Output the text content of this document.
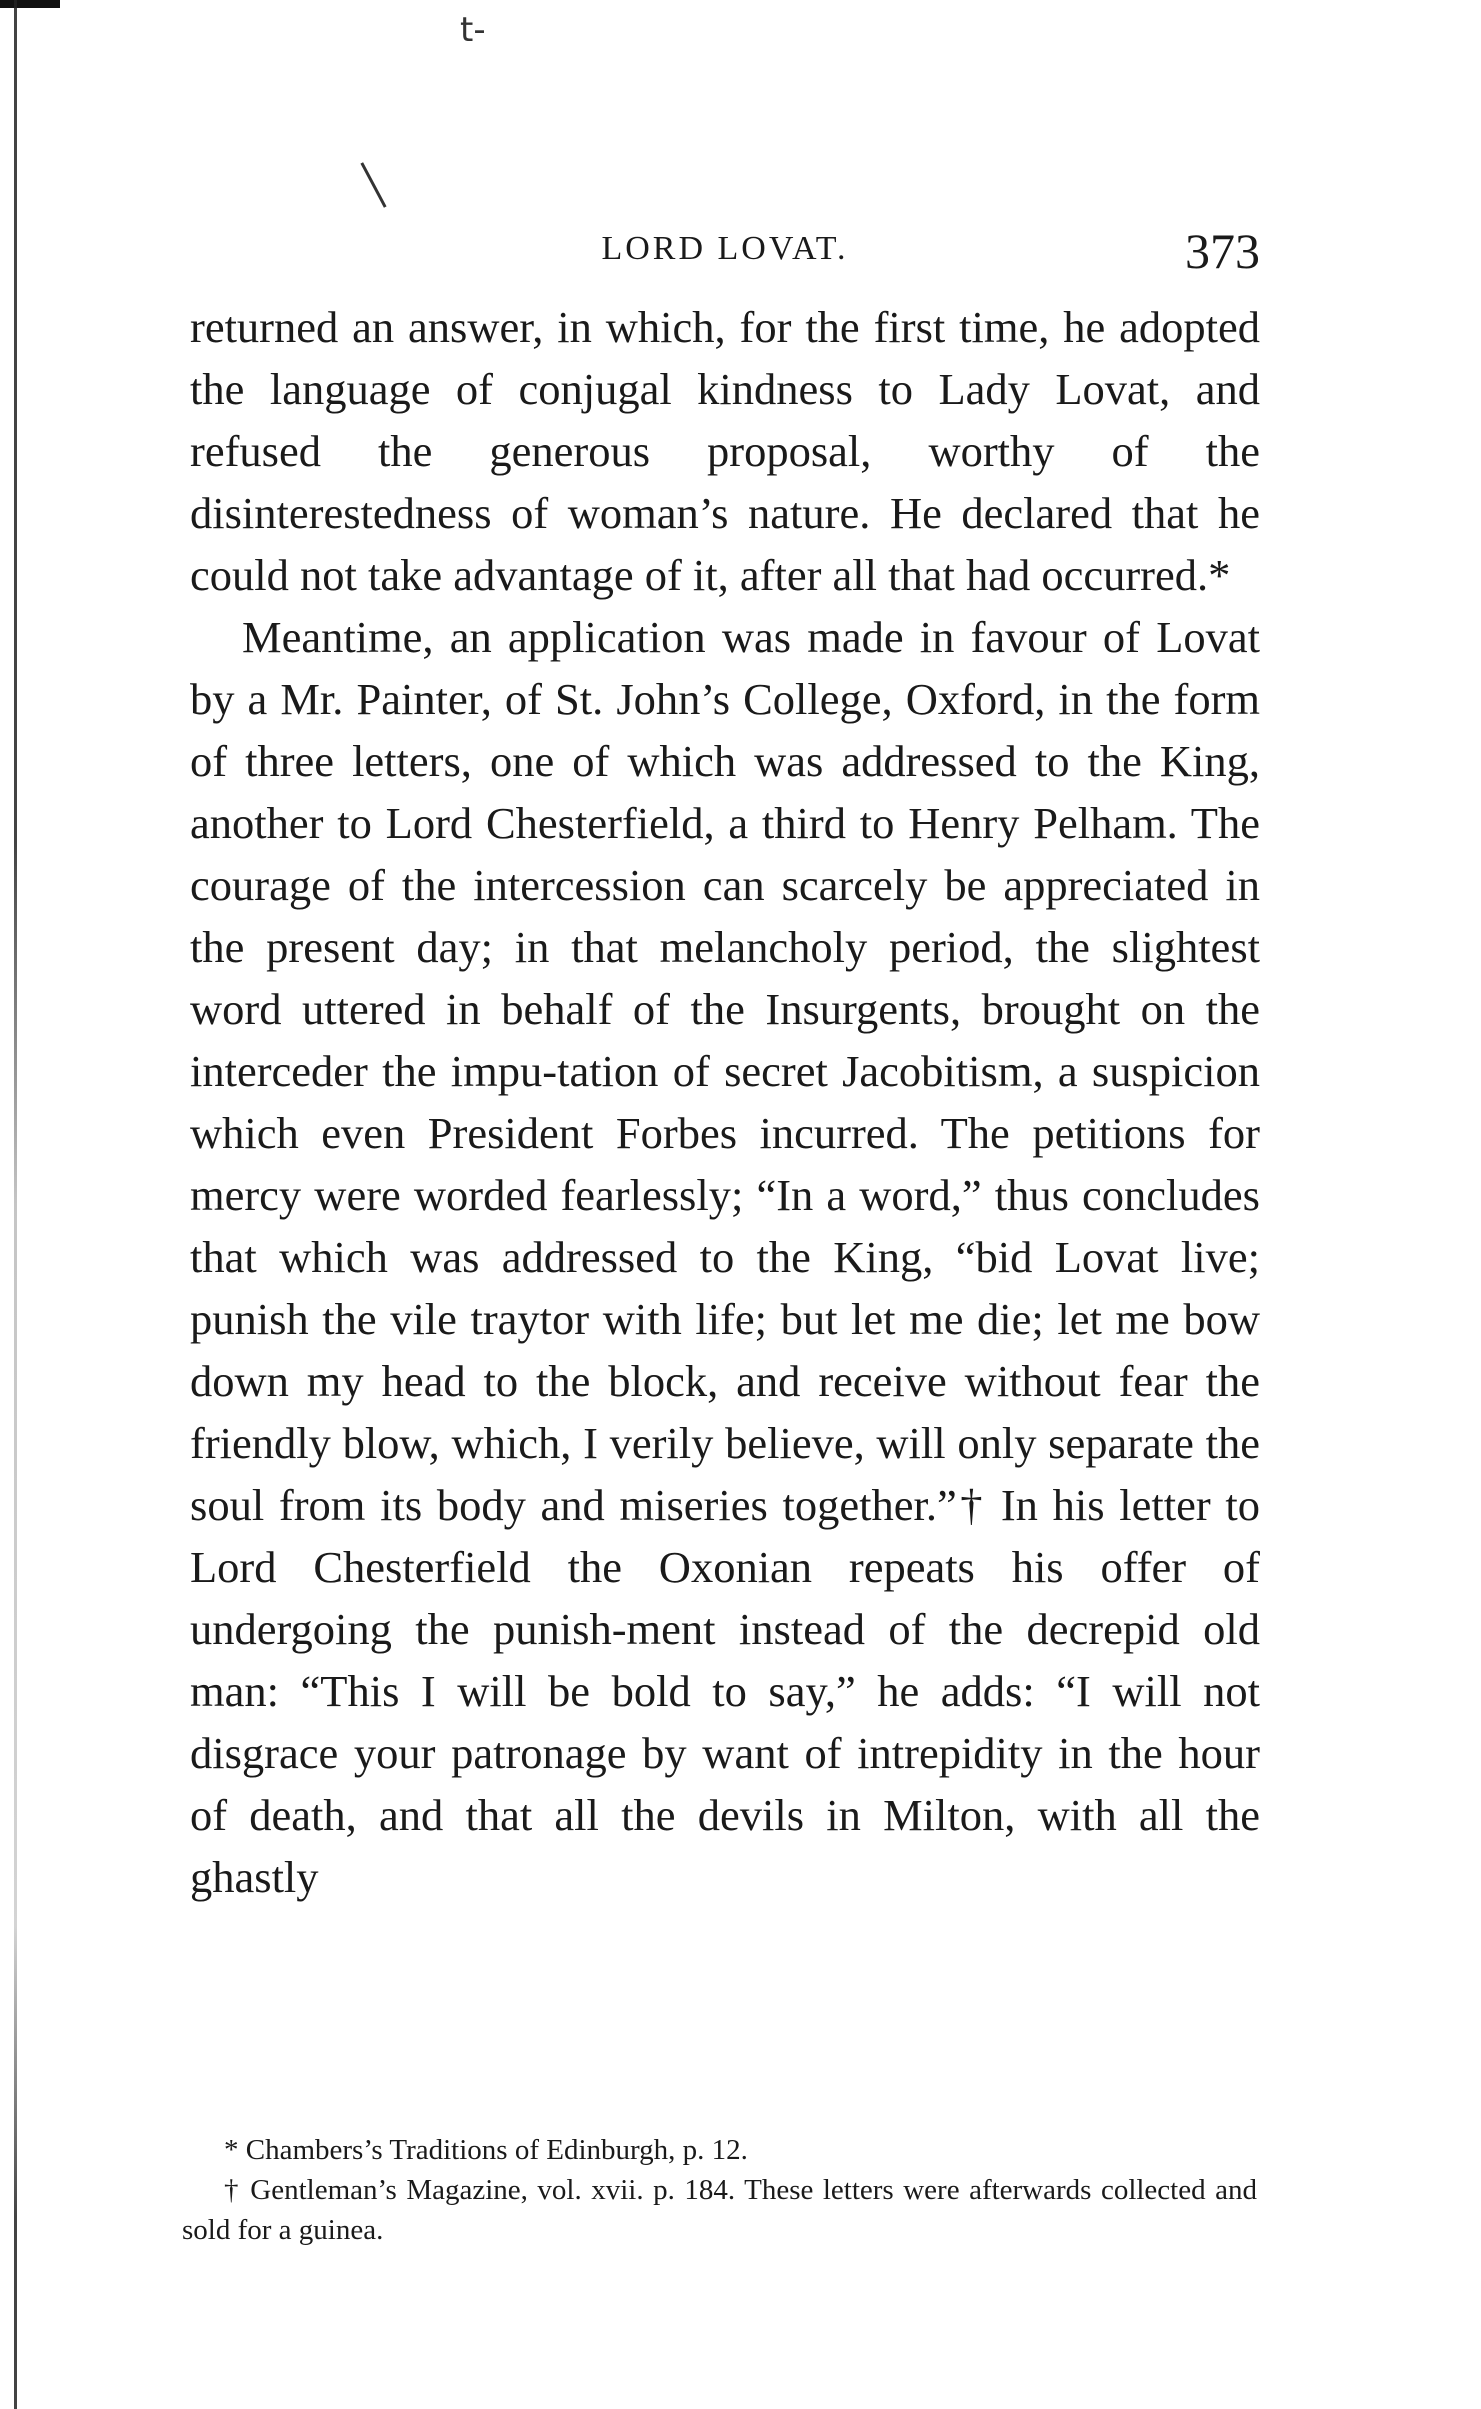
t-
LORD LOVAT.	373

returned an answer, in which, for the first time, he adopted the language of conjugal kindness to Lady Lovat, and refused the generous proposal, worthy of the disinterestedness of woman’s nature. He declared that he could not take advantage of it, after all that had occurred.*

Meantime, an application was made in favour of Lovat by a Mr. Painter, of St. John’s College, Oxford, in the form of three letters, one of which was addressed to the King, another to Lord Chesterfield, a third to Henry Pelham. The courage of the intercession can scarcely be appreciated in the present day; in that melancholy period, the slightest word uttered in behalf of the Insurgents, brought on the interceder the impu-tation of secret Jacobitism, a suspicion which even President Forbes incurred. The petitions for mercy were worded fearlessly; “In a word,” thus concludes that which was addressed to the King, “bid Lovat live; punish the vile traytor with life; but let me die; let me bow down my head to the block, and receive without fear the friendly blow, which, I verily believe, will only separate the soul from its body and miseries together.”† In his letter to Lord Chesterfield the Oxonian repeats his offer of undergoing the punish-ment instead of the decrepid old man: “This I will be bold to say,” he adds: “I will not disgrace your patronage by want of intrepidity in the hour of death, and that all the devils in Milton, with all the ghastly

* Chambers’s Traditions of Edinburgh, p. 12.

† Gentleman’s Magazine, vol. xvii. p. 184. These letters were afterwards collected and sold for a guinea.
